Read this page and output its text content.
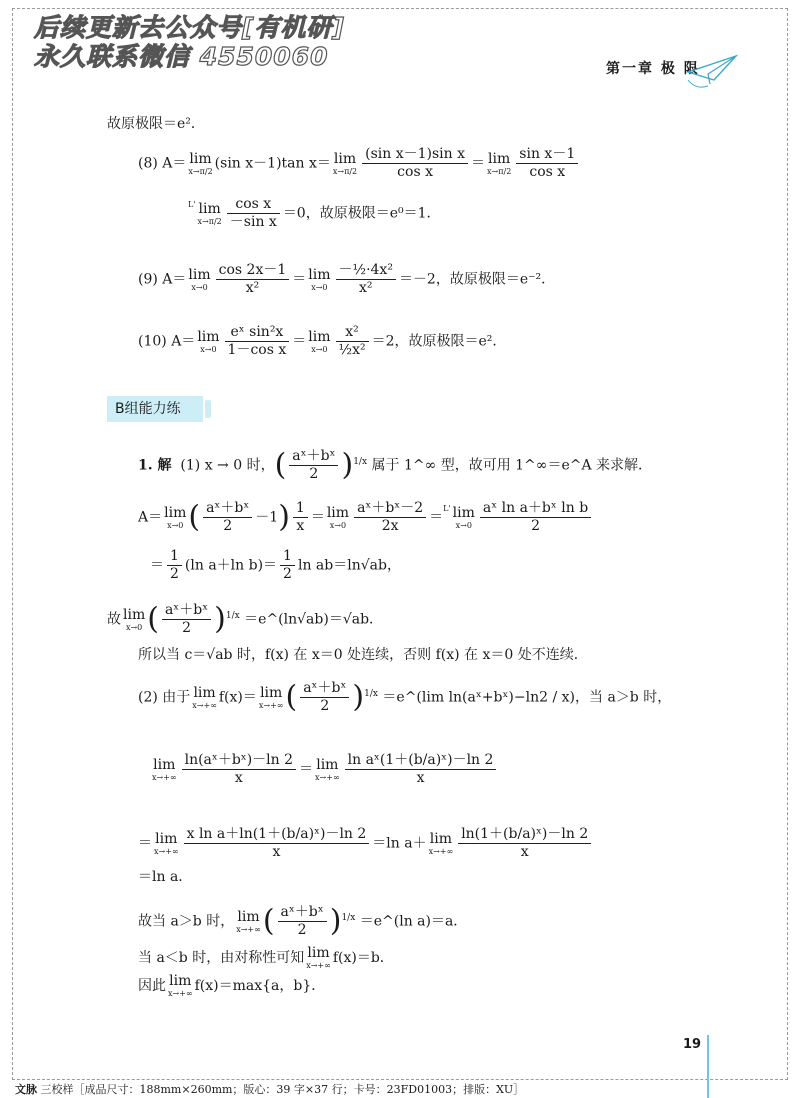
后续更新去公众号[有机研]
永久联系微信 4550060	第一章 极 限
故原极限＝e²．
(8) A＝ lim
x→π/2 (sin x－1)tan x＝ lim
$x\to\pi/2 \frac{\text{(sin x－1)sin x}}{\text{cos x}} = \lim$
$x\to\pi/2 \frac{\text{sin x－1}}{\text{cos x}}$
$^{L'}$ lim
$x\to\pi/2 \frac{\text{cos x}}{\text{－sin x}} =0$，故原极限＝e⁰＝1．
(9) A＝ lim
$x\to 0 \frac{\cos 2x-1}{\text{x²}} = \lim$
$x\to 0 \frac{\text{－½·4x²}}{\text{x²}} =-2$，故原极限＝e⁻²．
(10) A＝ lim
$x\to 0 \frac{\text{eˣ sin²x}}{\text{1－cos x}} = \lim$
$x\to 0 \frac{\text{x²}}{\text{½x²}} =2$，故原极限＝e²．
B组能力练
1. 解 (1) x → 0 时，( $\frac{\text{aˣ＋bˣ}}{2} )^{1/x}$ 属于 1^∞ 型，故可用 1^∞＝e^A 来求解．
A＝ lim
x→0 ( $\frac{\text{aˣ＋bˣ}}{2} -1) \frac{1}{x} = \lim$
$x\to 0 \frac{\text{aˣ＋bˣ－2}}{2x} =^{L'}$ lim
$x\to 0 \frac{\text{aˣ ln a＋bˣ ln b}}{2}$
＝ $\frac{1}{2} (\ln$ a＋ln $b)= \frac{1}{2}$ ln ab＝ln√ab，
故 lim
x→0 ( $\frac{\text{aˣ＋bˣ}}{2} )^{1/x}$ ＝e^(ln√ab)＝√ab．
所以当 c＝√ab 时，f(x) 在 x＝0 处连续，否则 f(x) 在 x＝0 处不连续．
(2) 由于 lim
x→+∞ f(x)＝ lim
x→+∞ ( $\frac{\text{aˣ＋bˣ}}{2} )^{1/x}$ ＝e^(lim ln(aˣ+bˣ)−ln2 / x)，当 a＞b 时，
lim
$x\to+\infty \frac{\text{ln(aˣ＋bˣ)－ln 2}}{x} = \lim$
$x\to+\infty \frac{\text{ln aˣ(1＋(b/a)ˣ)－ln 2}}{x}$
＝ lim
$x\to+\infty \frac{\text{x ln a＋ln(1＋(b/a)ˣ)－ln 2}}{x} =\ln$ a＋ lim
$x\to+\infty \frac{\text{ln(1＋(b/a)ˣ)－ln 2}}{x}$
＝ln a．
故当 a＞b 时， lim
x→+∞ ( $\frac{\text{aˣ＋bˣ}}{2} )^{1/x}$ ＝e^(ln a)＝a．
当 a＜b 时，由对称性可知 lim
x→+∞ f(x)＝b．
因此 lim
x→+∞ f(x)＝max{a，b}．
19
文脉 三校样［成品尺寸：188mm×260mm；版心：39 字×37 行；卡号：23FD01003；排版：XU］
